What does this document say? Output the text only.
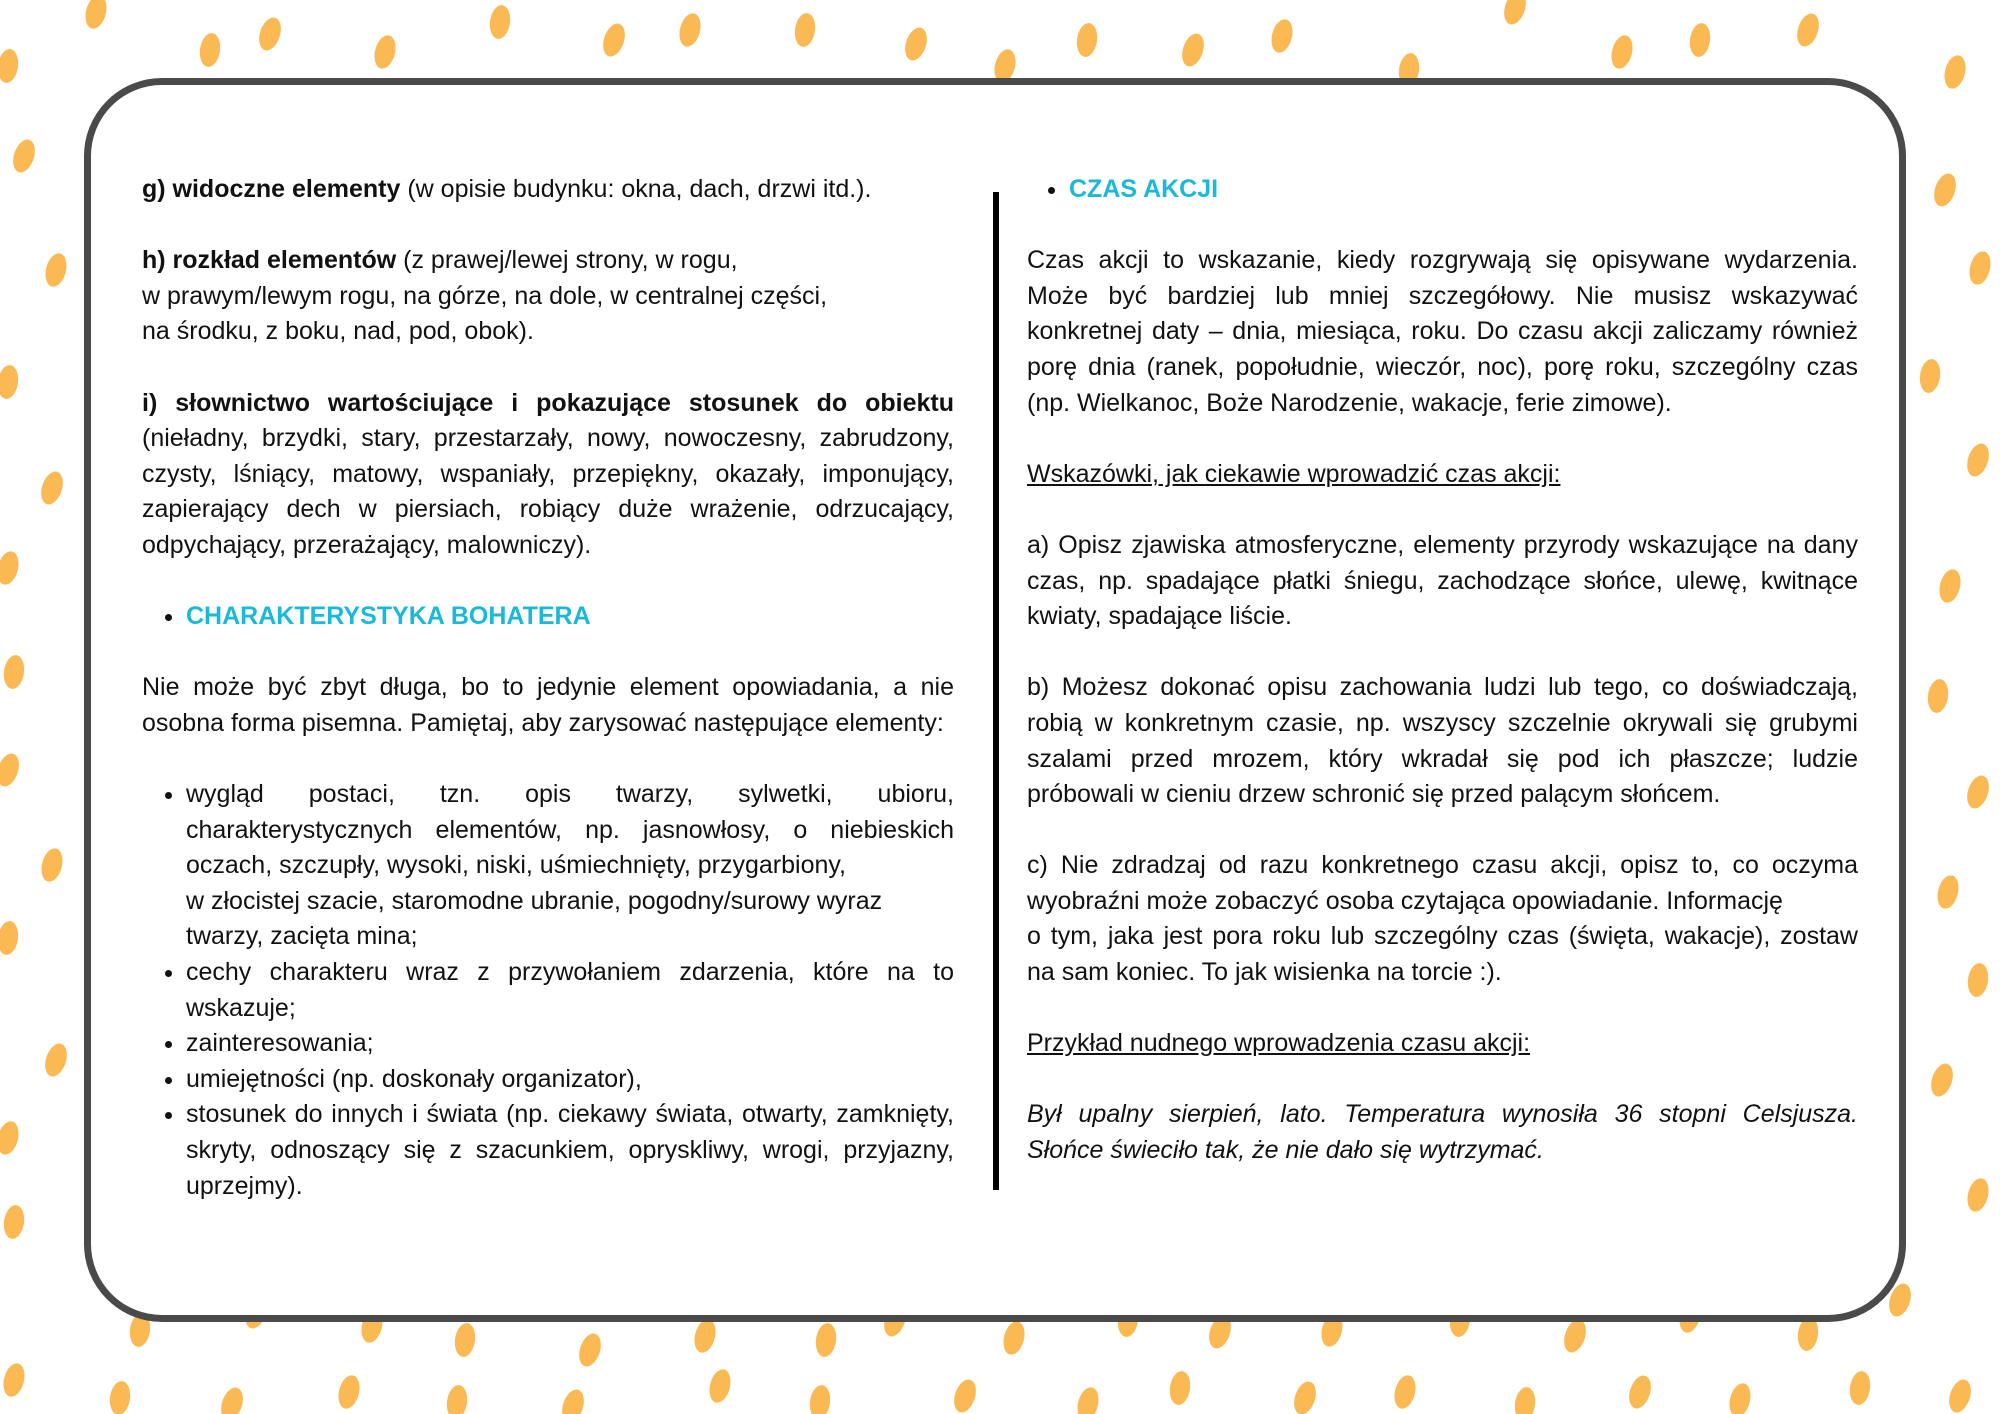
g) widoczne elementy (w opisie budynku: okna, dach, drzwi itd.).

h) rozkład elementów (z prawej/lewej strony, w rogu,
w prawym/lewym rogu, na górze, na dole, w centralnej części,
na środku, z boku, nad, pod, obok).

i) słownictwo wartościujące i pokazujące stosunek do obiektu (niеładny, brzydki, stary, przestarzały, nowy, nowoczesny, zabrudzony, czysty, lśniący, matowy, wspaniały, przepiękny, okazały, imponujący, zapierający dech w piersiach, robiący duże wrażenie, odrzucający, odpychający, przerażający, malowniczy).

• CHARAKTERYSTYKA BOHATERA

Nie może być zbyt długa, bo to jedynie element opowiadania, a nie osobna forma pisemna. Pamiętaj, aby zarysować następujące elementy:

• wygląd postaci, tzn. opis twarzy, sylwetki, ubioru, charakterystycznych elementów, np. jasnowłosy, o niebieskich oczach, szczupły, wysoki, niski, uśmiechnięty, przygarbiony,
w złocistej szacie, staromodne ubranie, pogodny/surowy wyraz twarzy, zacięta mina;
• cechy charakteru wraz z przywołaniem zdarzenia, które na to wskazuje;
• zainteresowania;
• umiejętności (np. doskonały organizator),
• stosunek do innych i świata (np. ciekawy świata, otwarty, zamknięty, skryty, odnoszący się z szacunkiem, opryskliwy, wrogi, przyjazny, uprzejmy).
• CZAS AKCJI

Czas akcji to wskazanie, kiedy rozgrywają się opisywane wydarzenia. Może być bardziej lub mniej szczegółowy. Nie musisz wskazywać konkretnej daty – dnia, miesiąca, roku. Do czasu akcji zaliczamy również porę dnia (ranek, popołudnie, wieczór, noc), porę roku, szczególny czas (np. Wielkanoc, Boże Narodzenie, wakacje, ferie zimowe).

Wskazówki, jak ciekawie wprowadzić czas akcji:

a) Opisz zjawiska atmosferyczne, elementy przyrody wskazujące na dany czas, np. spadające płatki śniegu, zachodzące słońce, ulewę, kwitnące kwiaty, spadające liście.

b) Możesz dokonać opisu zachowania ludzi lub tego, co doświadczają, robią w konkretnym czasie, np. wszyscy szczelnie okrywali się grubymi szalami przed mrozem, który wkradał się pod ich płaszcze; ludzie próbowali w cieniu drzew schronić się przed palącym słońcem.

c) Nie zdradzaj od razu konkretnego czasu akcji, opisz to, co oczyma wyobraźni może zobaczyć osoba czytająca opowiadanie. Informację
o tym, jaka jest pora roku lub szczególny czas (święta, wakacje), zostaw na sam koniec. To jak wisienka na torcie :).

Przykład nudnego wprowadzenia czasu akcji:

Był upalny sierpień, lato. Temperatura wynosiła 36 stopni Celsjusza. Słońce świeciło tak, że nie dało się wytrzymać.
